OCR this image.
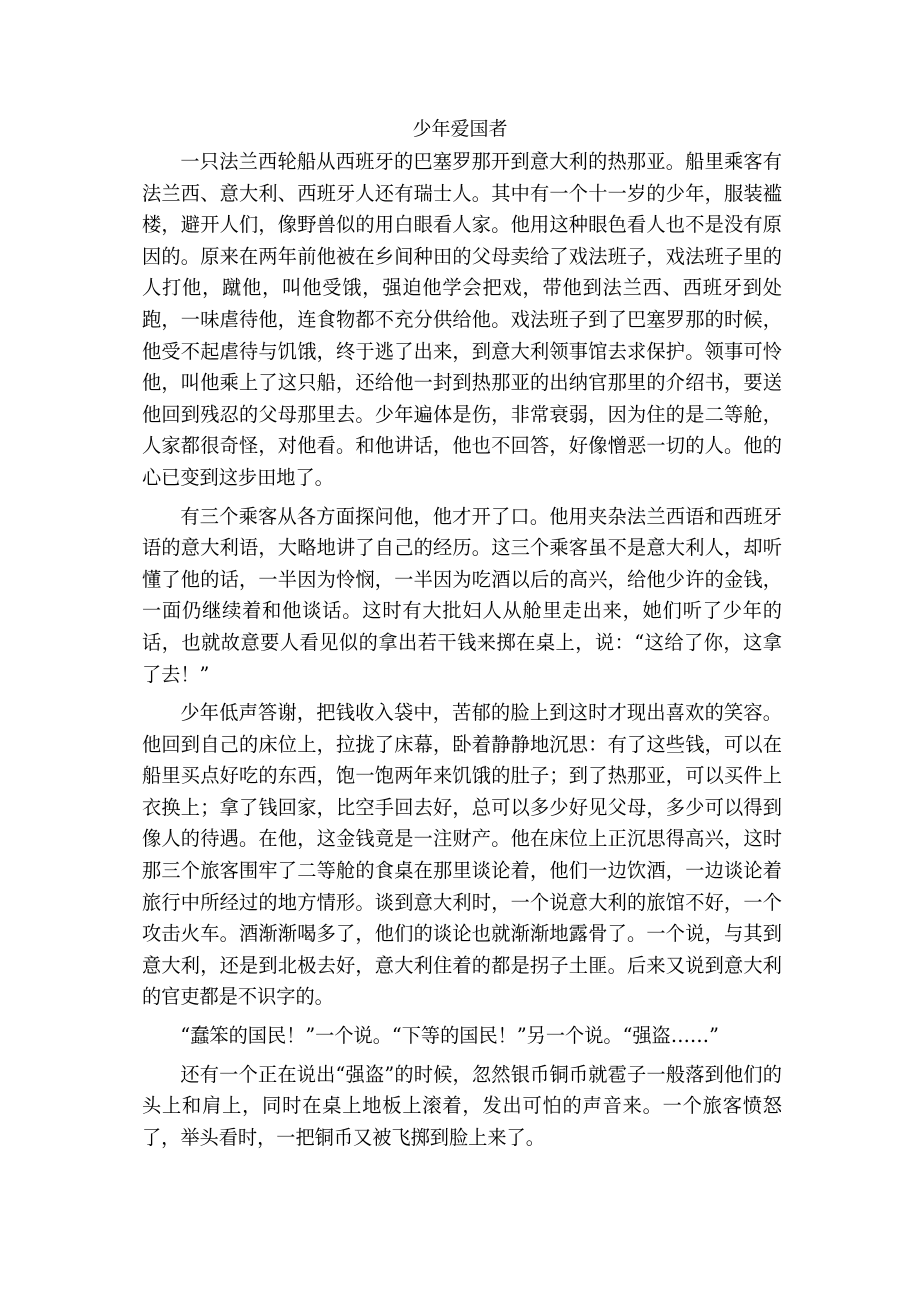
少年爱国者

一只法兰西轮船从西班牙的巴塞罗那开到意大利的热那亚。船里乘客有法兰西、意大利、西班牙人还有瑞士人。其中有一个十一岁的少年，服装褴楼，避开人们，像野兽似的用白眼看人家。他用这种眼色看人也不是没有原因的。原来在两年前他被在乡间种田的父母卖给了戏法班子，戏法班子里的人打他，蹴他，叫他受饿，强迫他学会把戏，带他到法兰西、西班牙到处跑，一味虐待他，连食物都不充分供给他。戏法班子到了巴塞罗那的时候，他受不起虐待与饥饿，终于逃了出来，到意大利领事馆去求保护。领事可怜他，叫他乘上了这只船，还给他一封到热那亚的出纳官那里的介绍书，要送他回到残忍的父母那里去。少年遍体是伤，非常衰弱，因为住的是二等舱，人家都很奇怪，对他看。和他讲话，他也不回答，好像憎恶一切的人。他的心已变到这步田地了。

有三个乘客从各方面探问他，他才开了口。他用夹杂法兰西语和西班牙语的意大利语，大略地讲了自己的经历。这三个乘客虽不是意大利人，却听懂了他的话，一半因为怜悯，一半因为吃酒以后的高兴，给他少许的金钱，一面仍继续着和他谈话。这时有大批妇人从舱里走出来，她们听了少年的话，也就故意要人看见似的拿出若干钱来掷在桌上，说：“这给了你，这拿了去！”

少年低声答谢，把钱收入袋中，苦郁的脸上到这时才现出喜欢的笑容。他回到自己的床位上，拉拢了床幕，卧着静静地沉思：有了这些钱，可以在船里买点好吃的东西，饱一饱两年来饥饿的肚子；到了热那亚，可以买件上衣换上；拿了钱回家，比空手回去好，总可以多少好见父母，多少可以得到像人的待遇。在他，这金钱竟是一注财产。他在床位上正沉思得高兴，这时那三个旅客围牢了二等舱的食桌在那里谈论着，他们一边饮酒，一边谈论着旅行中所经过的地方情形。谈到意大利时，一个说意大利的旅馆不好，一个攻击火车。酒渐渐喝多了，他们的谈论也就渐渐地露骨了。一个说，与其到意大利，还是到北极去好，意大利住着的都是拐子土匪。后来又说到意大利的官吏都是不识字的。

“蠢笨的国民！”一个说。“下等的国民！”另一个说。“强盗……”

还有一个正在说出“强盗”的时候，忽然银币铜币就雹子一般落到他们的头上和肩上，同时在桌上地板上滚着，发出可怕的声音来。一个旅客愤怒了，举头看时，一把铜币又被飞掷到脸上来了。
